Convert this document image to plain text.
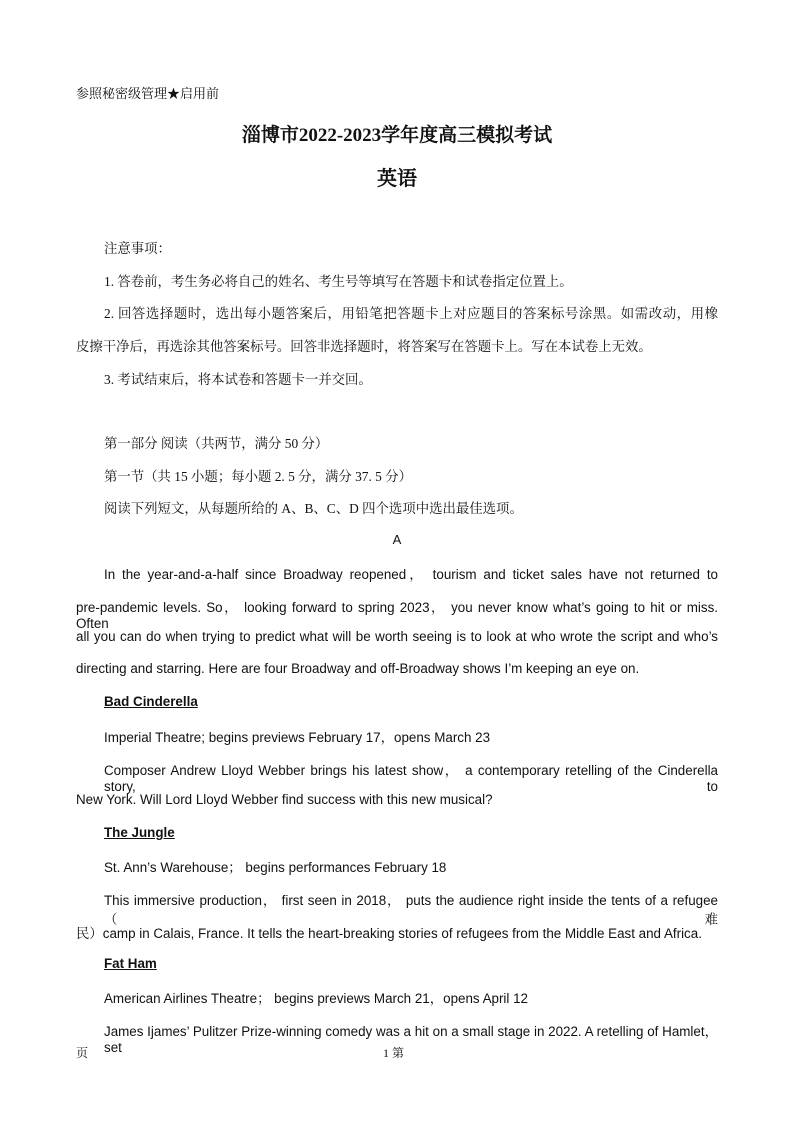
参照秘密级管理★启用前
淄博市2022-2023学年度高三模拟考试
英语
注意事项：
1. 答卷前，考生务必将自己的姓名、考生号等填写在答题卡和试卷指定位置上。
2. 回答选择题时，选出每小题答案后，用铅笔把答题卡上对应题目的答案标号涂黑。如需改动，用橡
皮擦干净后，再选涂其他答案标号。回答非选择题时，将答案写在答题卡上。写在本试卷上无效。
3. 考试结束后，将本试卷和答题卡一并交回。
第一部分 阅读（共两节，满分 50 分）
第一节（共 15 小题；每小题 2. 5 分，满分 37. 5 分）
阅读下列短文，从每题所给的 A、B、C、D 四个选项中选出最佳选项。
A
In the year-and-a-half since Broadway reopened， tourism and ticket sales have not returned to
pre-pandemic levels. So， looking forward to spring 2023， you never know what’s going to hit or miss. Often
all you can do when trying to predict what will be worth seeing is to look at who wrote the script and who’s
directing and starring. Here are four Broadway and off-Broadway shows I’m keeping an eye on.
Bad Cinderella
Imperial Theatre; begins previews February 17，opens March 23
Composer Andrew Lloyd Webber brings his latest show， a contemporary retelling of the Cinderella story, to
New York. Will Lord Lloyd Webber find success with this new musical?
The Jungle
St. Ann’s Warehouse； begins performances February 18
This immersive production， first seen in 2018， puts the audience right inside the tents of a refugee （难
民）camp in Calais, France. It tells the heart-breaking stories of refugees from the Middle East and Africa.
Fat Ham
American Airlines Theatre； begins previews March 21，opens April 12
James Ijames’ Pulitzer Prize-winning comedy was a hit on a small stage in 2022. A retelling of Hamlet， set
页	1 第
